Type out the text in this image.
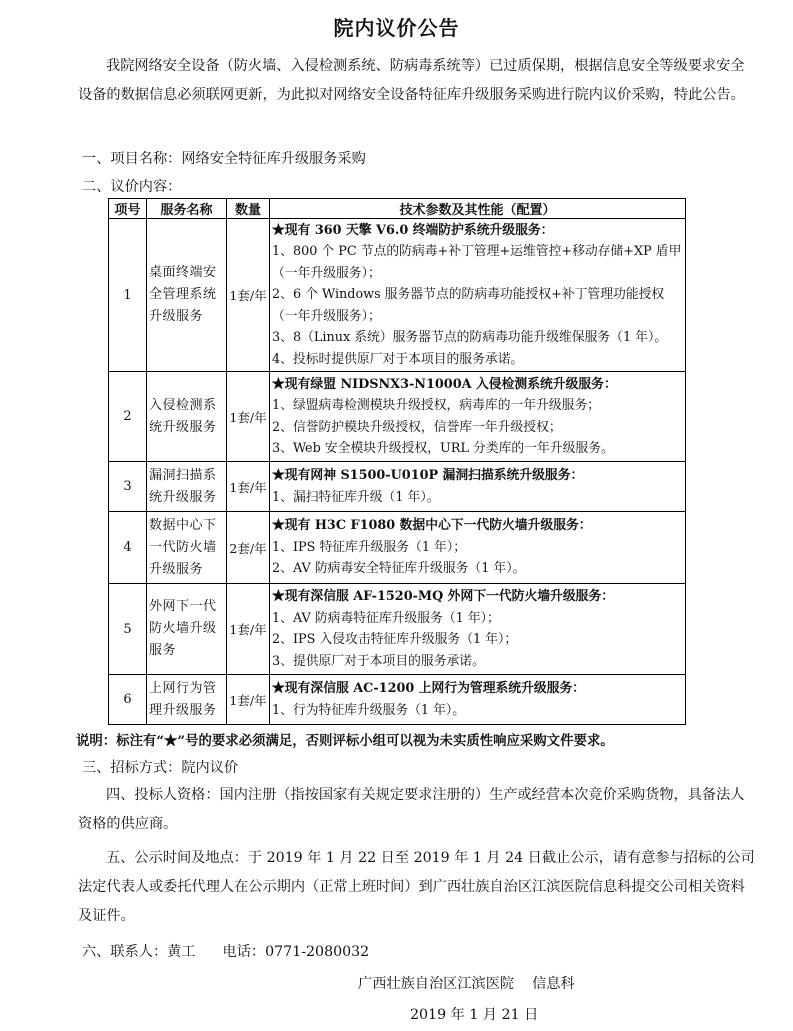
院内议价公告
我院网络安全设备（防火墙、入侵检测系统、防病毒系统等）已过质保期，根据信息安全等级要求安全设备的数据信息必须联网更新，为此拟对网络安全设备特征库升级服务采购进行院内议价采购，特此公告。
一、项目名称：网络安全特征库升级服务采购
二、议价内容：
项号	服务名称	数量	技术参数及其性能（配置）
1	桌面终端安全管理系统升级服务	1套/年	★现有 360 天擎 V6.0 终端防护系统升级服务：
1、800 个 PC 节点的防病毒+补丁管理+运维管控+移动存储+XP 盾甲（一年升级服务）；
2、6 个 Windows 服务器节点的防病毒功能授权+补丁管理功能授权（一年升级服务）；
3、8（Linux 系统）服务器节点的防病毒功能升级维保服务（1 年）。
4、投标时提供原厂对于本项目的服务承诺。

2	入侵检测系统升级服务	1套/年	★现有绿盟 NIDSNX3-N1000A 入侵检测系统升级服务：
1、绿盟病毒检测模块升级授权，病毒库的一年升级服务；
2、信誉防护模块升级授权，信誉库一年升级授权；
3、Web 安全模块升级授权，URL 分类库的一年升级服务。

3	漏洞扫描系统升级服务	1套/年	★现有网神 S1500-U010P 漏洞扫描系统升级服务：
1、漏扫特征库升级（1 年）。

4	数据中心下一代防火墙升级服务	2套/年	★现有 H3C F1080 数据中心下一代防火墙升级服务：
1、IPS 特征库升级服务（1 年）；
2、AV 防病毒安全特征库升级服务（1 年）。

5	外网下一代防火墙升级服务	1套/年	★现有深信服 AF-1520-MQ 外网下一代防火墙升级服务：
1、AV 防病毒特征库升级服务（1 年）；
2、IPS 入侵攻击特征库升级服务（1 年）；
3、提供原厂对于本项目的服务承诺。

6	上网行为管理升级服务	1套/年	★现有深信服 AC-1200 上网行为管理系统升级服务：
1、行为特征库升级服务（1 年）。
说明：标注有“★”号的要求必须满足，否则评标小组可以视为未实质性响应采购文件要求。
三、招标方式：院内议价
四、投标人资格：国内注册（指按国家有关规定要求注册的）生产或经营本次竞价采购货物，具备法人资格的供应商。
五、公示时间及地点：于 2019 年 1 月 22 日至 2019 年 1 月 24 日截止公示，请有意参与招标的公司法定代表人或委托代理人在公示期内（正常上班时间）到广西壮族自治区江滨医院信息科提交公司相关资料及证件。
六、联系人：黄工      电话：0771-2080032
广西壮族自治区江滨医院    信息科
2019 年 1 月 21 日
